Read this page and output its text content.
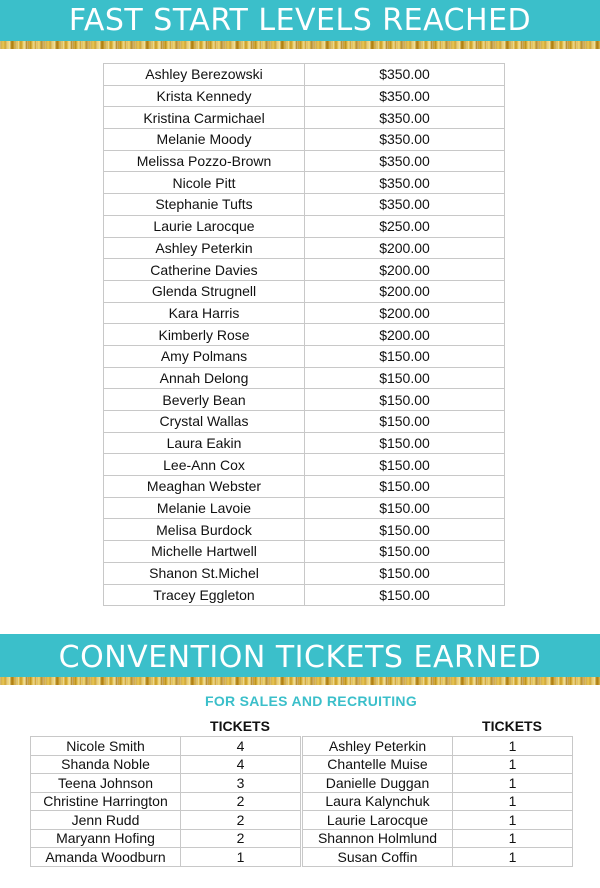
FAST START LEVELS REACHED
Ashley Berezowski	$350.00
Krista Kennedy	$350.00
Kristina Carmichael	$350.00
Melanie Moody	$350.00
Melissa Pozzo-Brown	$350.00
Nicole Pitt	$350.00
Stephanie Tufts	$350.00
Laurie Larocque	$250.00
Ashley Peterkin	$200.00
Catherine Davies	$200.00
Glenda Strugnell	$200.00
Kara Harris	$200.00
Kimberly Rose	$200.00
Amy Polmans	$150.00
Annah Delong	$150.00
Beverly Bean	$150.00
Crystal Wallas	$150.00
Laura Eakin	$150.00
Lee-Ann Cox	$150.00
Meaghan Webster	$150.00
Melanie Lavoie	$150.00
Melisa Burdock	$150.00
Michelle Hartwell	$150.00
Shanon St.Michel	$150.00
Tracey Eggleton	$150.00
CONVENTION TICKETS EARNED
FOR SALES AND RECRUITING
TICKETS	TICKETS
Nicole Smith	4
Shanda Noble	4
Teena Johnson	3
Christine Harrington	2
Jenn Rudd	2
Maryann Hofing	2
Amanda Woodburn	1
Ashley Peterkin	1
Chantelle Muise	1
Danielle Duggan	1
Laura Kalynchuk	1
Laurie Larocque	1
Shannon Holmlund	1
Susan Coffin	1
